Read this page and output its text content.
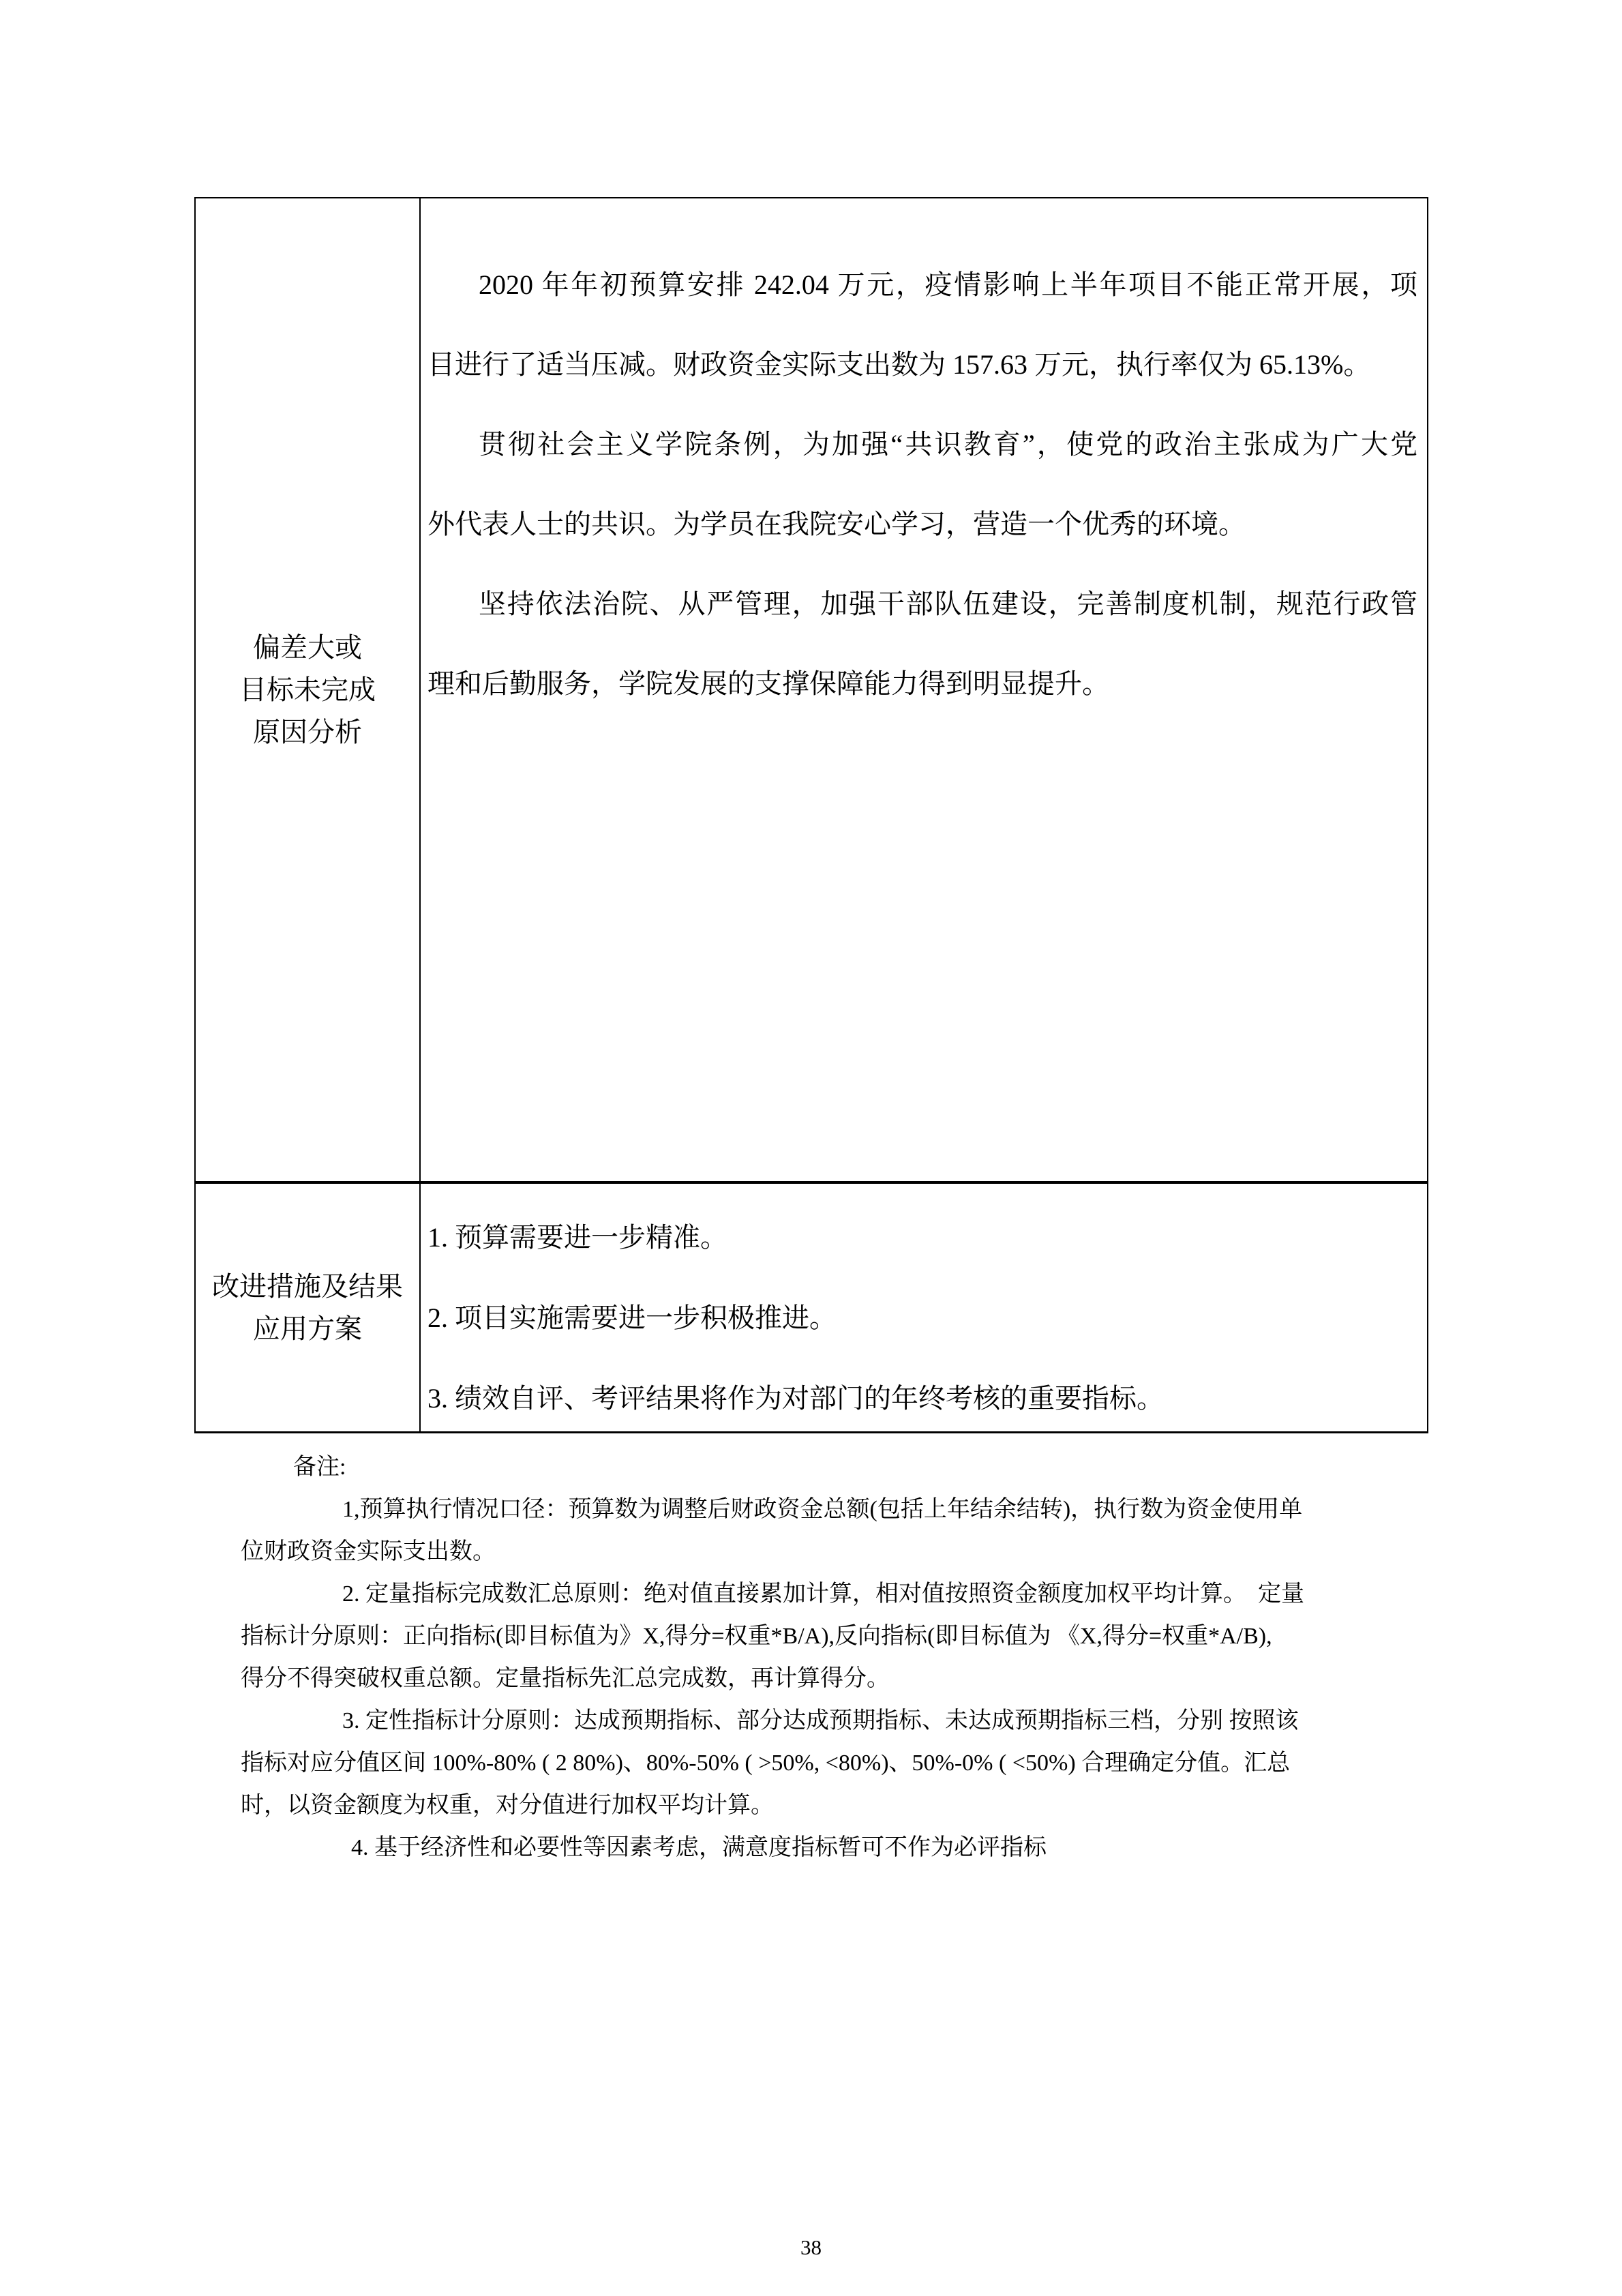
偏差大或
目标未完成
原因分析
2020 年年初预算安排 242.04 万元，疫情影响上半年项目不能正常开展，项
目进行了适当压减。财政资金实际支出数为 157.63 万元，执行率仅为 65.13%。
贯彻社会主义学院条例，为加强“共识教育”，使党的政治主张成为广大党
外代表人士的共识。为学员在我院安心学习，营造一个优秀的环境。
坚持依法治院、从严管理，加强干部队伍建设，完善制度机制，规范行政管
理和后勤服务，学院发展的支撑保障能力得到明显提升。
改进措施及结果
应用方案
1. 预算需要进一步精准。
2. 项目实施需要进一步积极推进。
3. 绩效自评、考评结果将作为对部门的年终考核的重要指标。
备注:
1,预算执行情况口径：预算数为调整后财政资金总额(包括上年结余结转)，执行数为资金使用单
位财政资金实际支出数。
2. 定量指标完成数汇总原则：绝对值直接累加计算，相对值按照资金额度加权平均计算。　定量
指标计分原则：正向指标(即目标值为》X,得分=权重*B/A),反向指标(即目标值为 《X,得分=权重*A/B),
得分不得突破权重总额。定量指标先汇总完成数，再计算得分。
3. 定性指标计分原则：达成预期指标、部分达成预期指标、未达成预期指标三档，分别 按照该
指标对应分值区间 100%-80% ( 2 80%)、80%-50% ( >50%, <80%)、50%-0% ( <50%) 合理确定分值。汇总
时，以资金额度为权重，对分值进行加权平均计算。
4. 基于经济性和必要性等因素考虑，满意度指标暂可不作为必评指标
38
